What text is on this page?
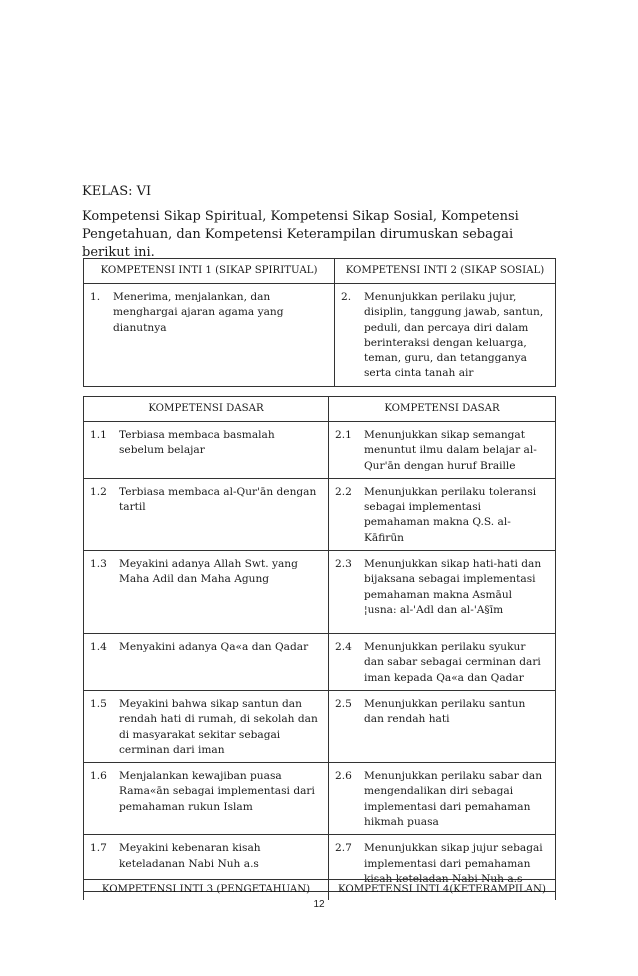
KELAS: VI
Kompetensi Sikap Spiritual, Kompetensi Sikap Sosial, Kompetensi Pengetahuan, dan Kompetensi Keterampilan dirumuskan sebagai berikut ini.
KOMPETENSI INTI 1 (SIKAP SPIRITUAL)	KOMPETENSI INTI 2 (SIKAP SOSIAL)

1. Menerima, menjalankan, dan menghargai ajaran agama yang dianutnya	2. Menunjukkan perilaku jujur, disiplin, tanggung jawab, santun, peduli, dan percaya diri dalam berinteraksi dengan keluarga, teman, guru, dan tetangganya serta cinta tanah air
KOMPETENSI DASAR	KOMPETENSI DASAR

1.1 Terbiasa membaca basmalah sebelum belajar	2.1 Menunjukkan sikap semangat menuntut ilmu dalam belajar al-Qur'ān dengan huruf Braille

1.2 Terbiasa membaca al-Qur'ān dengan tartil	2.2 Menunjukkan perilaku toleransi sebagai implementasi pemahaman makna Q.S. al-Kāfirūn

1.3 Meyakini adanya Allah Swt. yang Maha Adil dan Maha Agung	2.3 Menunjukkan sikap hati-hati dan bijaksana sebagai implementasi pemahaman makna Asmāul ¦usna: al-'Adl dan al-'A§īm

1.4 Menyakini adanya Qa«a dan Qadar	2.4 Menunjukkan perilaku syukur dan sabar sebagai cerminan dari iman kepada Qa«a dan Qadar

1.5 Meyakini bahwa sikap santun dan rendah hati di rumah, di sekolah dan di masyarakat sekitar sebagai cerminan dari iman	2.5 Menunjukkan perilaku santun dan rendah hati

1.6 Menjalankan kewajiban puasa Rama«ān sebagai implementasi dari pemahaman rukun Islam	2.6 Menunjukkan perilaku sabar dan mengendalikan diri sebagai implementasi dari pemahaman hikmah puasa

1.7 Meyakini kebenaran kisah keteladanan Nabi Nuh a.s	2.7 Menunjukkan sikap jujur sebagai implementasi dari pemahaman kisah keteladan Nabi Nuh a.s
KOMPETENSI INTI 3 (PENGETAHUAN)	KOMPETENSI INTI 4(KETERAMPILAN)
12
